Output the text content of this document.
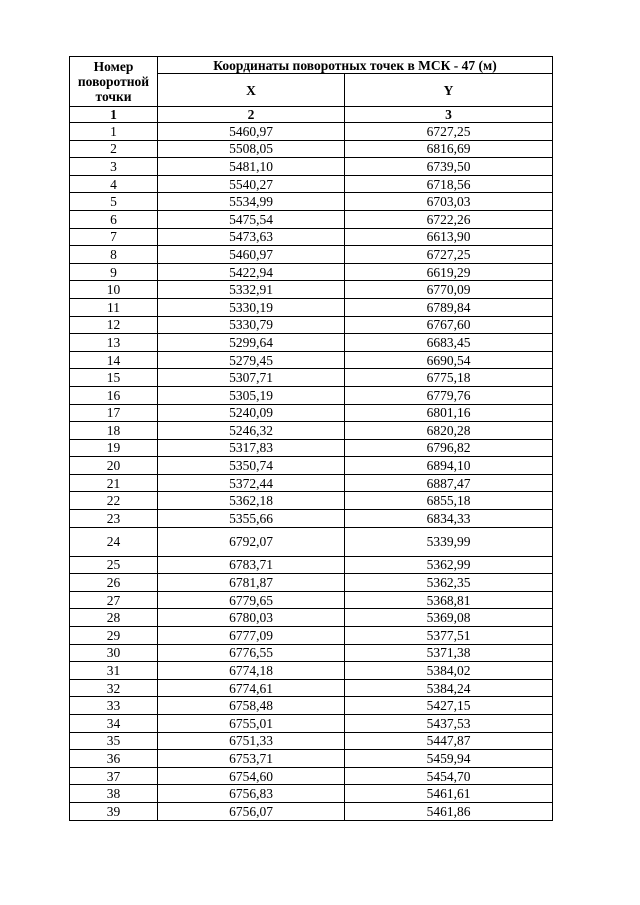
Номер поворотной точки	Координаты поворотных точек в МСК - 47 (м)	
	X	Y
1	2	3
1	5460,97	6727,25
2	5508,05	6816,69
3	5481,10	6739,50
4	5540,27	6718,56
5	5534,99	6703,03
6	5475,54	6722,26
7	5473,63	6613,90
8	5460,97	6727,25
9	5422,94	6619,29
10	5332,91	6770,09
11	5330,19	6789,84
12	5330,79	6767,60
13	5299,64	6683,45
14	5279,45	6690,54
15	5307,71	6775,18
16	5305,19	6779,76
17	5240,09	6801,16
18	5246,32	6820,28
19	5317,83	6796,82
20	5350,74	6894,10
21	5372,44	6887,47
22	5362,18	6855,18
23	5355,66	6834,33
24	6792,07	5339,99
25	6783,71	5362,99
26	6781,87	5362,35
27	6779,65	5368,81
28	6780,03	5369,08
29	6777,09	5377,51
30	6776,55	5371,38
31	6774,18	5384,02
32	6774,61	5384,24
33	6758,48	5427,15
34	6755,01	5437,53
35	6751,33	5447,87
36	6753,71	5459,94
37	6754,60	5454,70
38	6756,83	5461,61
39	6756,07	5461,86
